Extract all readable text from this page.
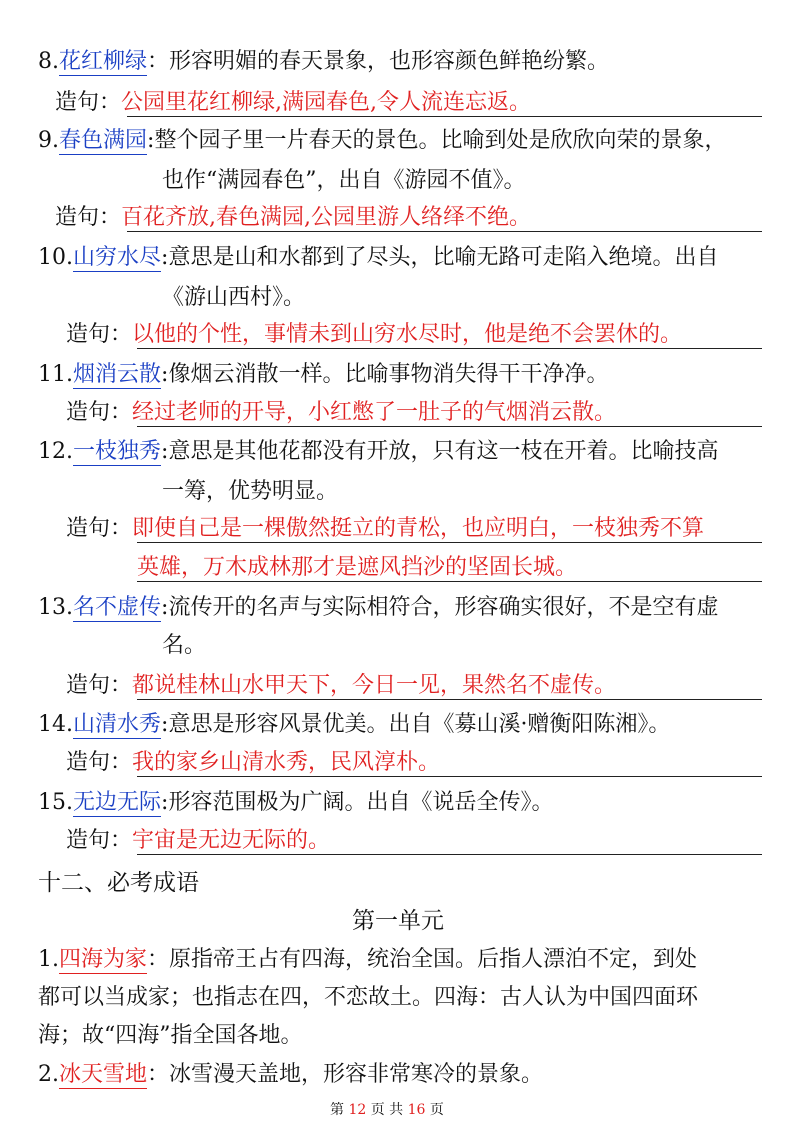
8.花红柳绿：形容明媚的春天景象，也形容颜色鲜艳纷繁。
造句：公园里花红柳绿,满园春色,令人流连忘返。
9.春色满园:整个园子里一片春天的景色。比喻到处是欣欣向荣的景象，
也作“满园春色”，出自《游园不值》。
造句：百花齐放,春色满园,公园里游人络绎不绝。
10.山穷水尽:意思是山和水都到了尽头，比喻无路可走陷入绝境。出自
《游山西村》。
造句：以他的个性，事情未到山穷水尽时，他是绝不会罢休的。
11.烟消云散:像烟云消散一样。比喻事物消失得干干净净。
造句：经过老师的开导，小红憋了一肚子的气烟消云散。
12.一枝独秀:意思是其他花都没有开放，只有这一枝在开着。比喻技高
一筹，优势明显。
造句：即使自己是一棵傲然挺立的青松，也应明白，一枝独秀不算
英雄，万木成林那才是遮风挡沙的坚固长城。
13.名不虚传:流传开的名声与实际相符合，形容确实很好，不是空有虚
名。
造句：都说桂林山水甲天下，今日一见，果然名不虚传。
14.山清水秀:意思是形容风景优美。出自《募山溪·赠衡阳陈湘》。
造句：我的家乡山清水秀，民风淳朴。
15.无边无际:形容范围极为广阔。出自《说岳全传》。
造句：宇宙是无边无际的。
十二、必考成语
第一单元
1.四海为家：原指帝王占有四海，统治全国。后指人漂泊不定，到处
都可以当成家；也指志在四，不恋故土。四海：古人认为中国四面环
海；故“四海”指全国各地。
2.冰天雪地：冰雪漫天盖地，形容非常寒冷的景象。
第 12 页 共 16 页
